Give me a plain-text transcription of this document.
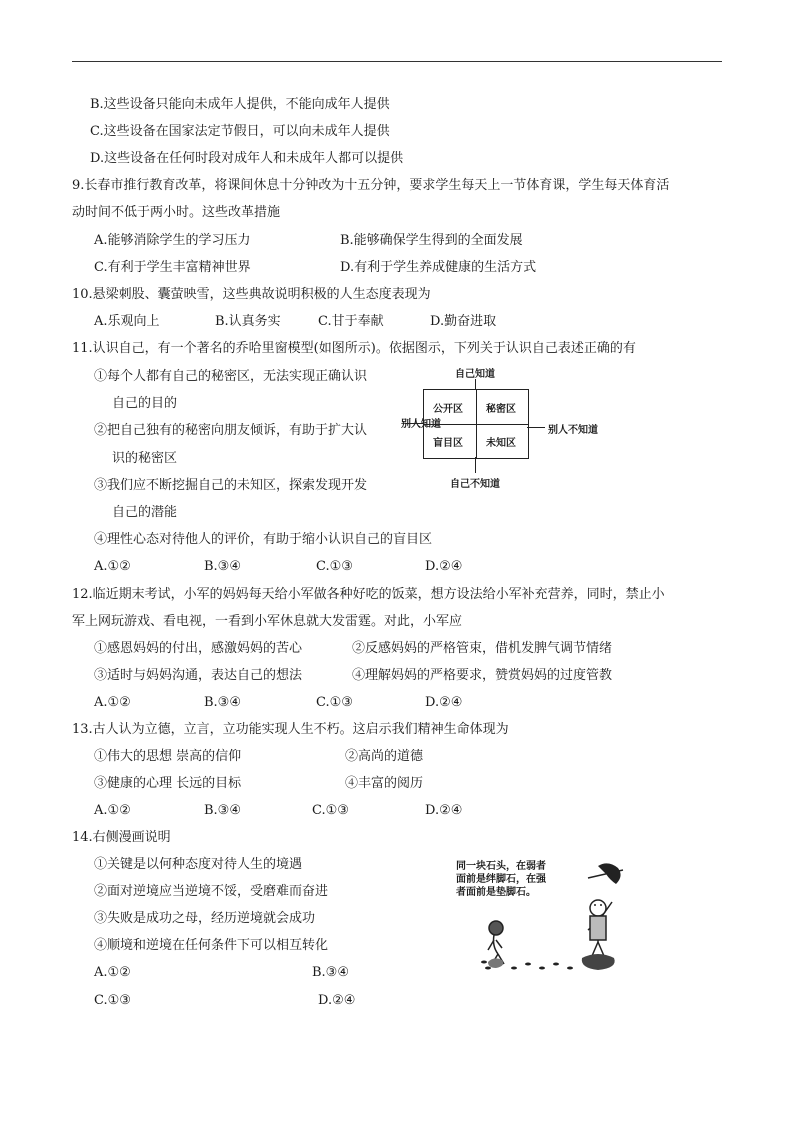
B.这些设备只能向未成年人提供，不能向成年人提供
C.这些设备在国家法定节假日，可以向未成年人提供
D.这些设备在任何时段对成年人和未成年人都可以提供
9.长春市推行教育改革，将课间休息十分钟改为十五分钟，要求学生每天上一节体育课，学生每天体育活
动时间不低于两小时。这些改革措施
A.能够消除学生的学习压力	B.能够确保学生得到的全面发展
C.有利于学生丰富精神世界	D.有利于学生养成健康的生活方式
10.悬梁刺股、囊萤映雪，这些典故说明积极的人生态度表现为
A.乐观向上	B.认真务实	C.甘于奉献	D.勤奋进取
11.认识自己，有一个著名的乔哈里窗模型(如图所示)。依据图示，下列关于认识自己表述正确的有
①每个人都有自己的秘密区，无法实现正确认识
自己的目的
②把自己独有的秘密向朋友倾诉，有助于扩大认
识的秘密区
③我们应不断挖掘自己的未知区，探索发现开发
自己的潜能
④理性心态对待他人的评价，有助于缩小认识自己的盲目区
A.①②	B.③④	C.①③	D.②④
自己知道
别人知道
别人不知道
自己不知道
公开区 秘密区
盲目区 未知区
12.临近期末考试，小军的妈妈每天给小军做各种好吃的饭菜，想方设法给小军补充营养，同时，禁止小
军上网玩游戏、看电视，一看到小军休息就大发雷霆。对此，小军应
①感恩妈妈的付出，感激妈妈的苦心	②反感妈妈的严格管束，借机发脾气调节情绪
③适时与妈妈沟通，表达自己的想法	④理解妈妈的严格要求，赞赏妈妈的过度管教
A.①②	B.③④	C.①③	D.②④
13.古人认为立德，立言，立功能实现人生不朽。这启示我们精神生命体现为
①伟大的思想 崇高的信仰	②高尚的道德
③健康的心理 长远的目标	④丰富的阅历
A.①②	B.③④	C.①③	D.②④
14.右侧漫画说明
①关键是以何种态度对待人生的境遇
②面对逆境应当逆境不馁，受磨难而奋进
③失败是成功之母，经历逆境就会成功
④顺境和逆境在任何条件下可以相互转化
A.①②	B.③④
C.①③	D.②④
同一块石头，在弱者
面前是绊脚石，在强
者面前是垫脚石。
